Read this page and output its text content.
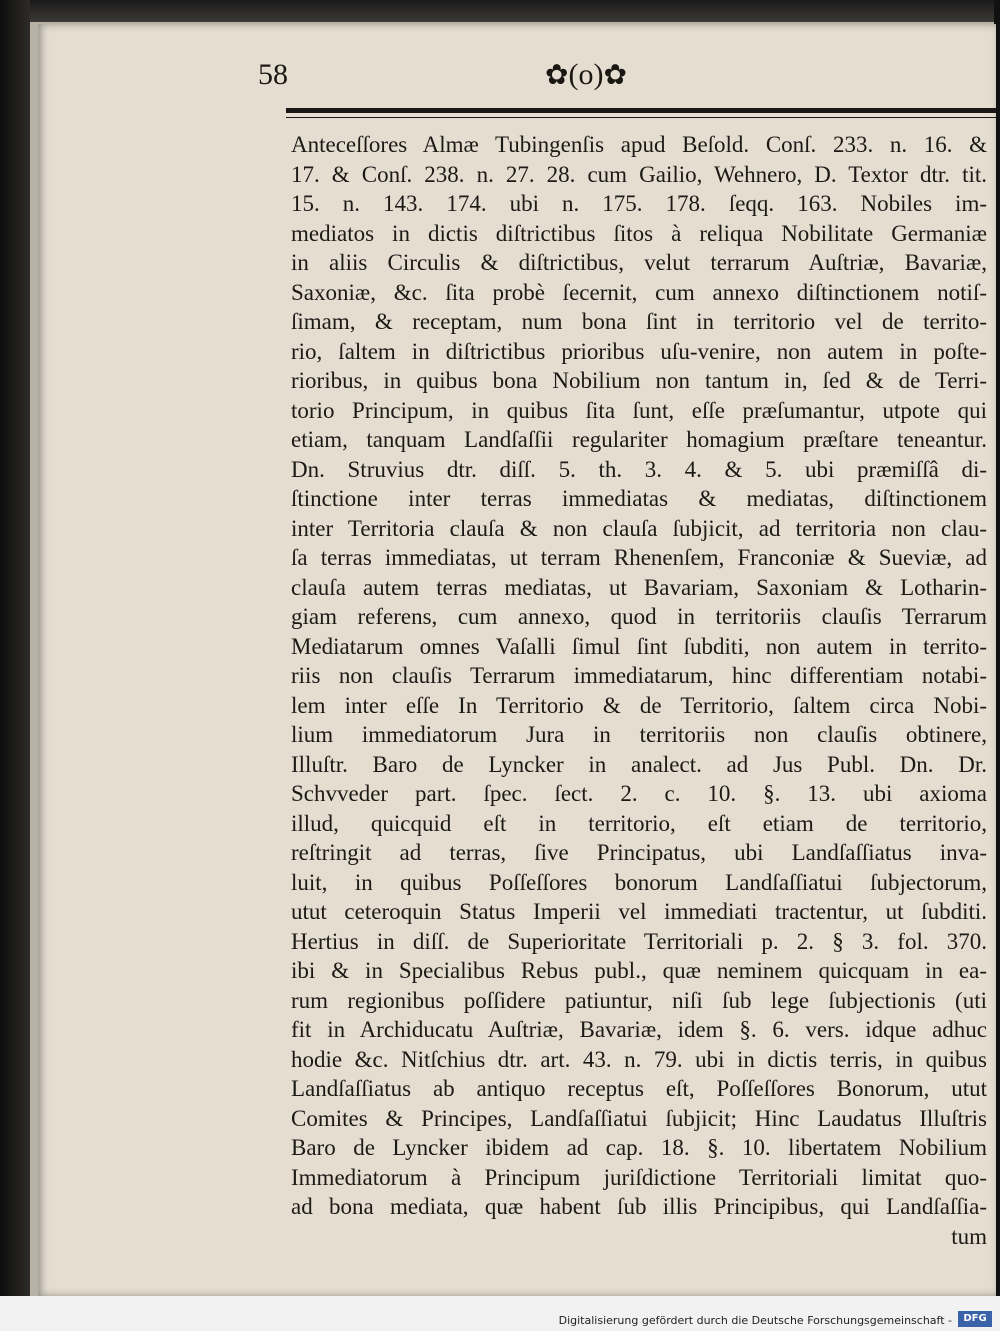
58	✿(o)✿
Anteceſſores Almæ Tubingenſis apud Beſold. Conſ. 233. n. 16. &
17. & Conſ. 238. n. 27. 28. cum Gailio, Wehnero, D. Textor dtr. tit.
15. n. 143. 174. ubi n. 175. 178. ſeqq. 163. Nobiles im-
mediatos in dictis diſtrictibus ſitos à reliqua Nobilitate Germaniæ
in aliis Circulis & diſtrictibus, velut terrarum Auſtriæ, Bavariæ,
Saxoniæ, &c. ſita probè ſecernit, cum annexo diſtinctionem notiſ-
ſimam, & receptam, num bona ſint in territorio vel de territo-
rio, ſaltem in diſtrictibus prioribus uſu-venire, non autem in poſte-
rioribus, in quibus bona Nobilium non tantum in, ſed & de Terri-
torio Principum, in quibus ſita ſunt, eſſe præſumantur, utpote qui
etiam, tanquam Landſaſſii regulariter homagium præſtare teneantur.
Dn. Struvius dtr. diſſ. 5. th. 3. 4. & 5. ubi præmiſſâ di-
ſtinctione inter terras immediatas & mediatas, diſtinctionem
inter Territoria clauſa & non clauſa ſubjicit, ad territoria non clau-
ſa terras immediatas, ut terram Rhenenſem, Franconiæ & Sueviæ, ad
clauſa autem terras mediatas, ut Bavariam, Saxoniam & Lotharin-
giam referens, cum annexo, quod in territoriis clauſis Terrarum
Mediatarum omnes Vaſalli ſimul ſint ſubditi, non autem in territo-
riis non clauſis Terrarum immediatarum, hinc differentiam notabi-
lem inter eſſe In Territorio & de Territorio, ſaltem circa Nobi-
lium immediatorum Jura in territoriis non clauſis obtinere,
Illuſtr. Baro de Lyncker in analect. ad Jus Publ. Dn. Dr.
Schvveder part. ſpec. ſect. 2. c. 10. §. 13. ubi axioma
illud, quicquid eſt in territorio, eſt etiam de territorio,
reſtringit ad terras, ſive Principatus, ubi Landſaſſiatus inva-
luit, in quibus Poſſeſſores bonorum Landſaſſiatui ſubjectorum,
utut ceteroquin Status Imperii vel immediati tractentur, ut ſubditi.
Hertius in diſſ. de Superioritate Territoriali p. 2. § 3. fol. 370.
ibi & in Specialibus Rebus publ., quæ neminem quicquam in ea-
rum regionibus poſſidere patiuntur, niſi ſub lege ſubjectionis (uti
fit in Archiducatu Auſtriæ, Bavariæ, idem §. 6. vers. idque adhuc
hodie &c. Nitſchius dtr. art. 43. n. 79. ubi in dictis terris, in quibus
Landſaſſiatus ab antiquo receptus eſt, Poſſeſſores Bonorum, utut
Comites & Principes, Landſaſſiatui ſubjicit; Hinc Laudatus Illuſtris
Baro de Lyncker ibidem ad cap. 18. §. 10. libertatem Nobilium
Immediatorum à Principum juriſdictione Territoriali limitat quo-
ad bona mediata, quæ habent ſub illis Principibus, qui Landſaſſia-
tum
Digitalisierung gefördert durch die Deutsche Forschungsgemeinschaft -	DFG
